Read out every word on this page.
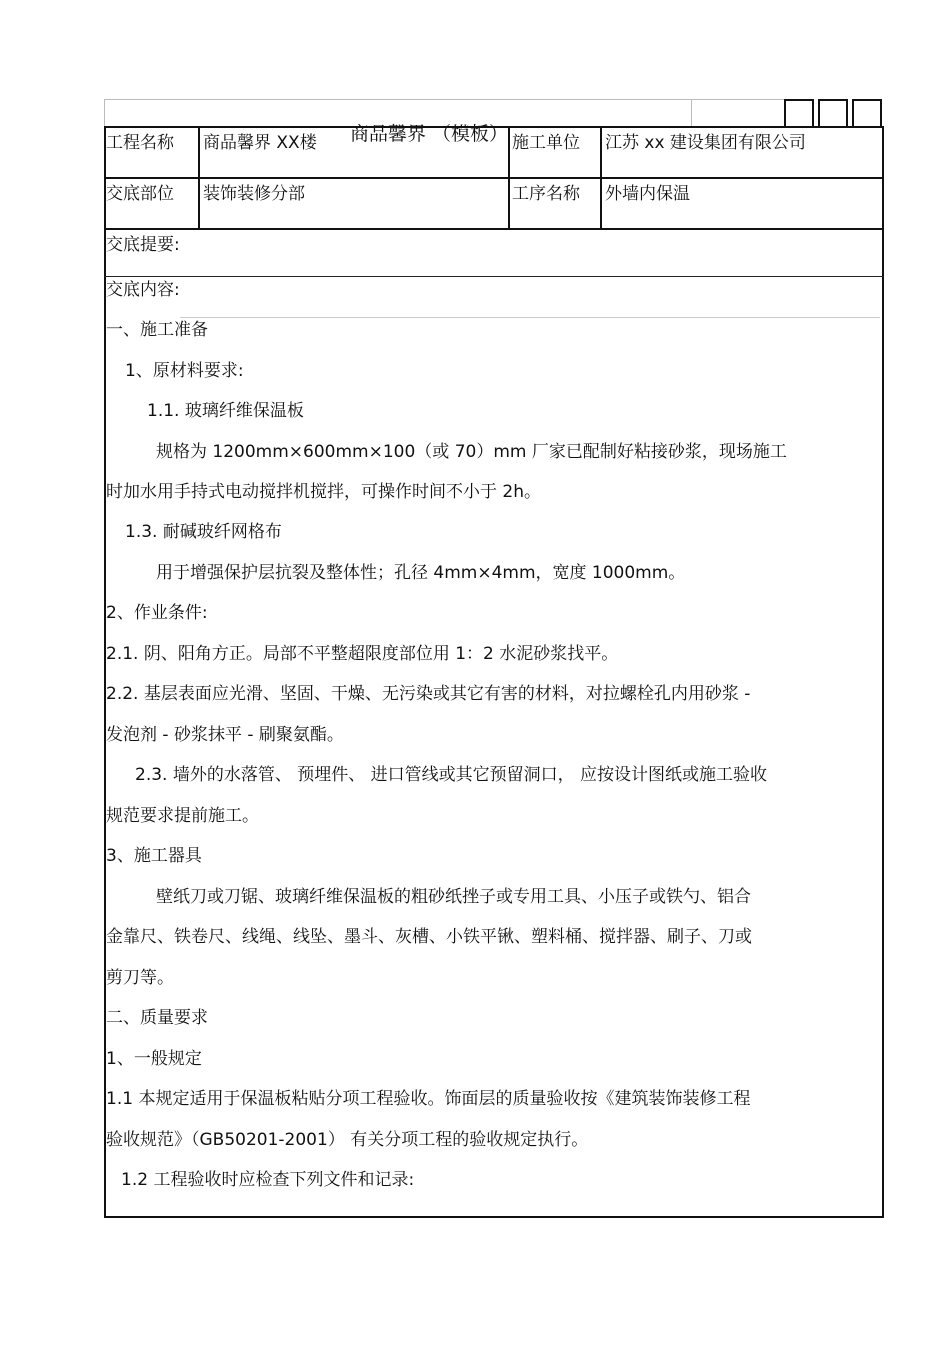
商品馨界 （模板）
工程名称 商品馨界 XX楼	施工单位 江苏 xx 建设集团有限公司
交底部位 装饰装修分部	工序名称 外墙内保温
交底提要:
交底内容:
一、施工准备
1、原材料要求:
1.1. 玻璃纤维保温板
规格为 1200mm×600mm×100（或 70）mm 厂家已配制好粘接砂浆，现场施工
时加水用手持式电动搅拌机搅拌，可操作时间不小于 2h。
1.3. 耐碱玻纤网格布
用于增强保护层抗裂及整体性；孔径 4mm×4mm，宽度 1000mm。
2、作业条件:
2.1. 阴、阳角方正。局部不平整超限度部位用 1：2 水泥砂浆找平。
2.2. 基层表面应光滑、坚固、干燥、无污染或其它有害的材料，对拉螺栓孔内用砂浆 -
发泡剂 - 砂浆抹平 - 刷聚氨酯。
2.3. 墙外的水落管、 预埋件、 进口管线或其它预留洞口， 应按设计图纸或施工验收
规范要求提前施工。
3、施工器具
壁纸刀或刀锯、玻璃纤维保温板的粗砂纸挫子或专用工具、小压子或铁勺、铝合
金靠尺、铁卷尺、线绳、线坠、墨斗、灰槽、小铁平锹、塑料桶、搅拌器、刷子、刀或
剪刀等。
二、质量要求
1、一般规定
1.1 本规定适用于保温板粘贴分项工程验收。饰面层的质量验收按《建筑装饰装修工程
验收规范》（GB50201-2001） 有关分项工程的验收规定执行。
1.2 工程验收时应检查下列文件和记录:
